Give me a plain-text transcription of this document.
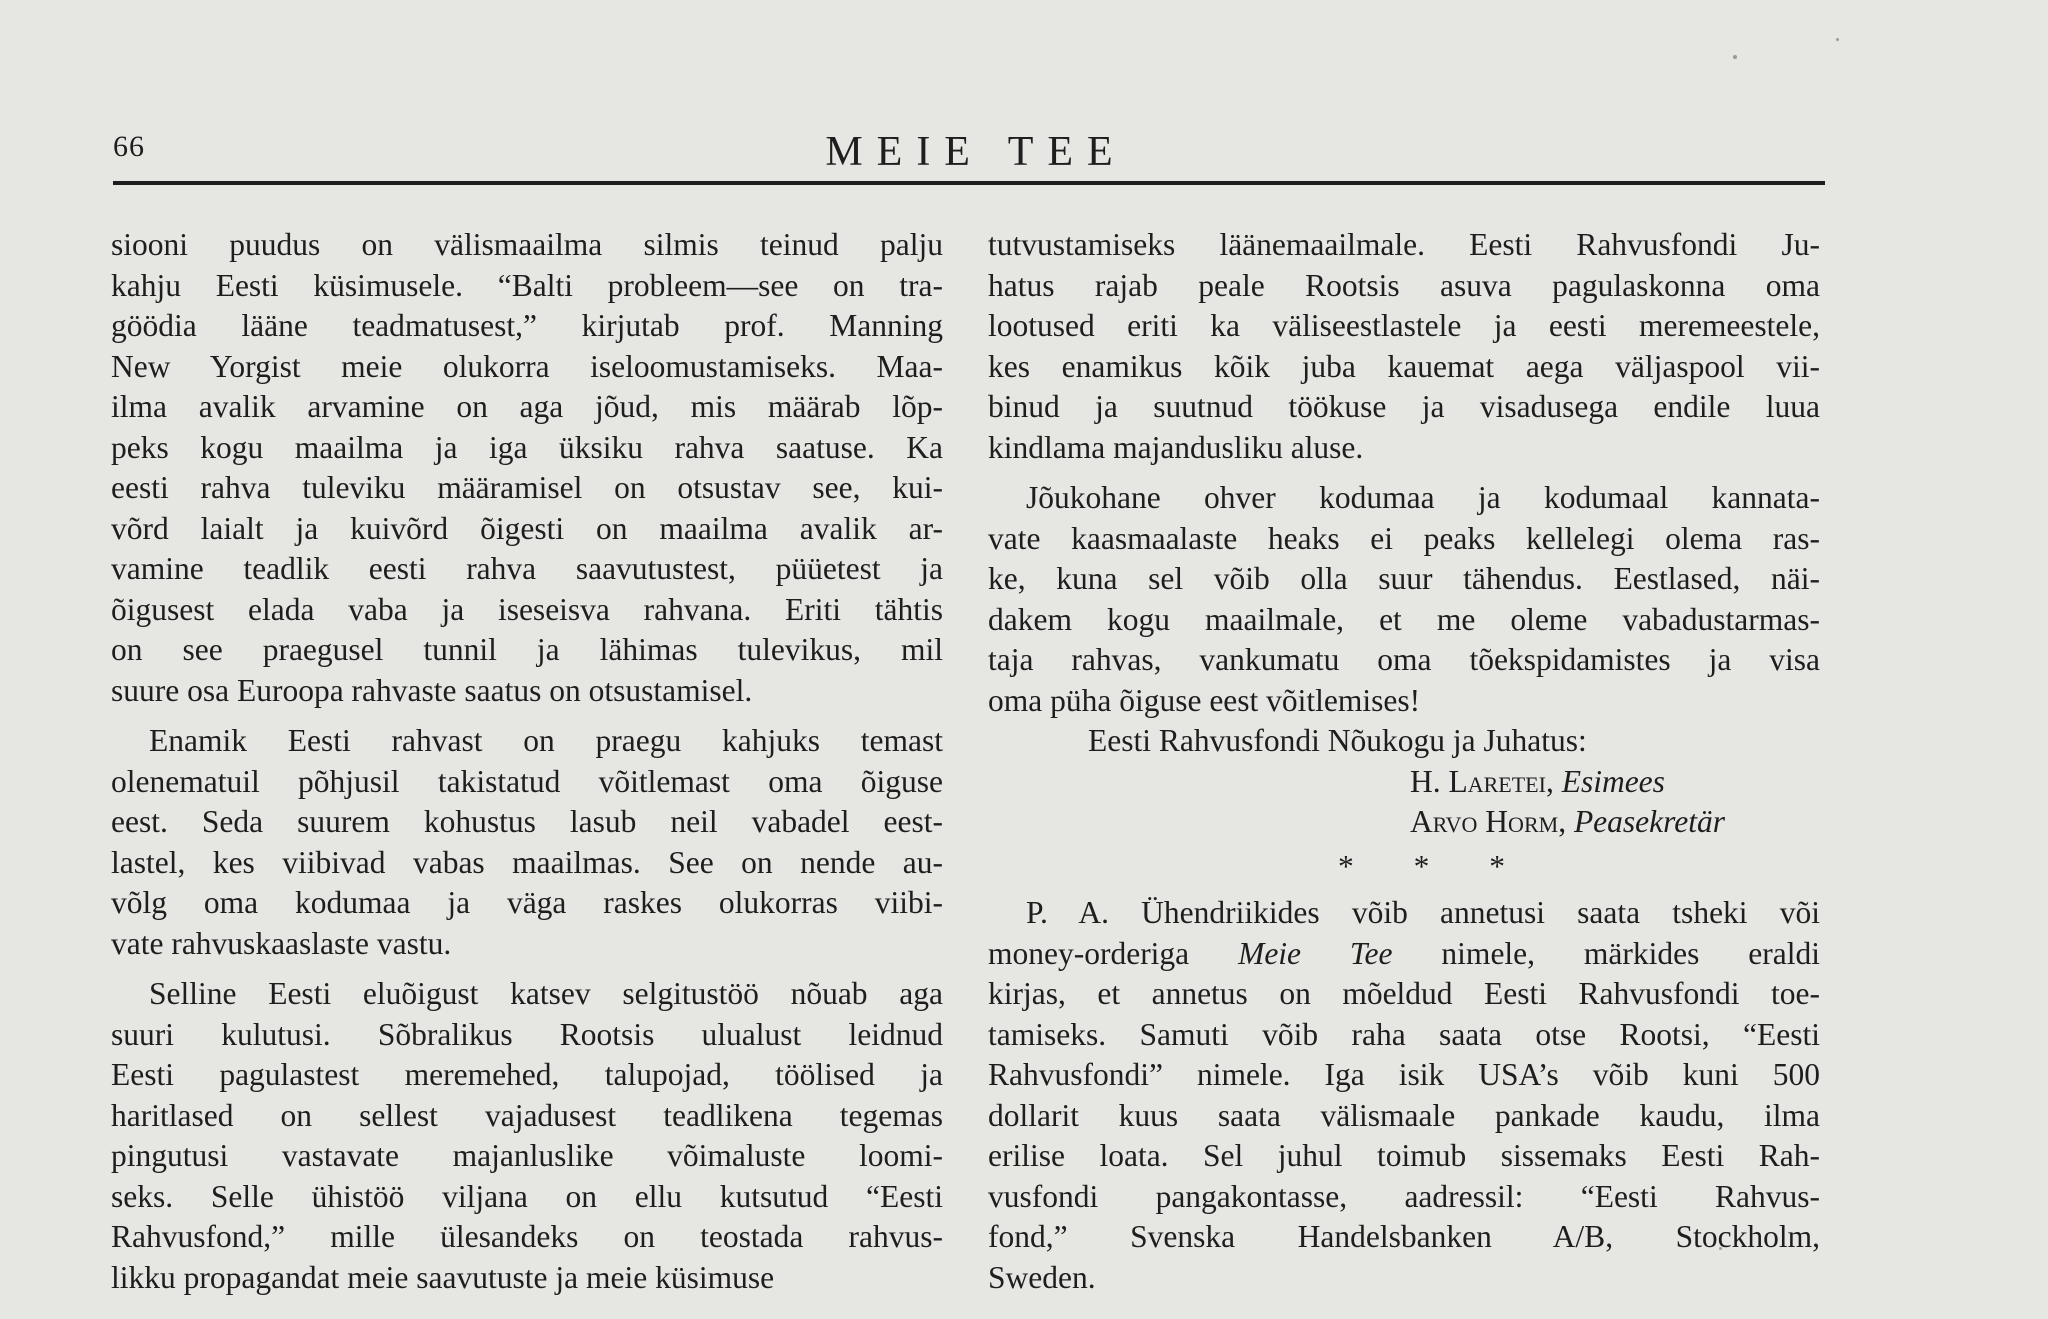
66	MEIE TEE

siooni puudus on välismaailma silmis teinud palju
kahju Eesti küsimusele. “Balti probleem—see on tra-
göödia lääne teadmatusest,” kirjutab prof. Manning
New Yorgist meie olukorra iseloomustamiseks. Maa-
ilma avalik arvamine on aga jõud, mis määrab lõp-
peks kogu maailma ja iga üksiku rahva saatuse. Ka
eesti rahva tuleviku määramisel on otsustav see, kui-
võrd laialt ja kuivõrd õigesti on maailma avalik ar-
vamine teadlik eesti rahva saavutustest, püüetest ja
õigusest elada vaba ja iseseisva rahvana. Eriti tähtis
on see praegusel tunnil ja lähimas tulevikus, mil
suure osa Euroopa rahvaste saatus on otsustamisel.

Enamik Eesti rahvast on praegu kahjuks temast
olenematuil põhjusil takistatud võitlemast oma õiguse
eest. Seda suurem kohustus lasub neil vabadel eest-
lastel, kes viibivad vabas maailmas. See on nende au-
võlg oma kodumaa ja väga raskes olukorras viibi-
vate rahvuskaaslaste vastu.

Selline Eesti eluõigust katsev selgitustöö nõuab aga
suuri kulutusi. Sõbralikus Rootsis ulualust leidnud
Eesti pagulastest meremehed, talupojad, töölised ja
haritlased on sellest vajadusest teadlikena tegemas
pingutusi vastavate majanluslike võimaluste loomi-
seks. Selle ühistöö viljana on ellu kutsutud “Eesti
Rahvusfond,” mille ülesandeks on teostada rahvus-
likku propagandat meie saavutuste ja meie küsimuse

tutvustamiseks läänemaailmale. Eesti Rahvusfondi Ju-
hatus rajab peale Rootsis asuva pagulaskonna oma
lootused eriti ka väliseestlastele ja eesti meremeestele,
kes enamikus kõik juba kauemat aega väljaspool vii-
binud ja suutnud töökuse ja visadusega endile luua
kindlama majandusliku aluse.

Jõukohane ohver kodumaa ja kodumaal kannata-
vate kaasmaalaste heaks ei peaks kellelegi olema ras-
ke, kuna sel võib olla suur tähendus. Eestlased, näi-
dakem kogu maailmale, et me oleme vabadustarmas-
taja rahvas, vankumatu oma tõekspidamistes ja visa
oma püha õiguse eest võitlemises!

Eesti Rahvusfondi Nõukogu ja Juhatus:
H. Laretei, Esimees
Arvo Horm, Peasekretär
* * *

P. A. Ühendriikides võib annetusi saata tsheki või
money-orderiga Meie Tee nimele, märkides eraldi
kirjas, et annetus on mõeldud Eesti Rahvusfondi toe-
tamiseks. Samuti võib raha saata otse Rootsi, “Eesti
Rahvusfondi” nimele. Iga isik USA’s võib kuni 500
dollarit kuus saata välismaale pankade kaudu, ilma
erilise loata. Sel juhul toimub sissemaks Eesti Rah-
vusfondi pangakontasse, aadressil: “Eesti Rahvus-
fond,” Svenska Handelsbanken A/B, Stockholm,
Sweden.
